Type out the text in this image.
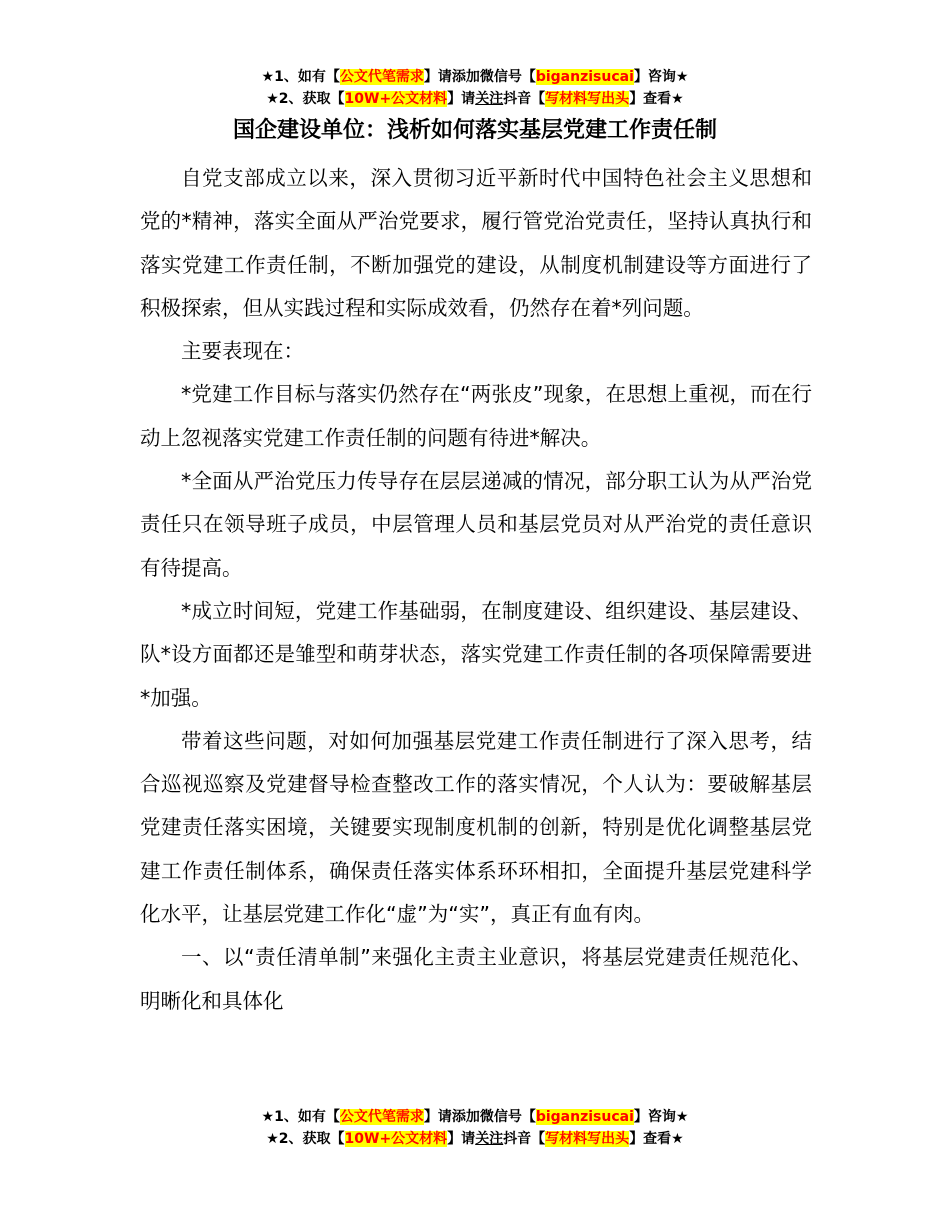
★1、如有【公文代笔需求】请添加微信号【biganzisucai】咨询★
★2、获取【10W+公文材料】请关注抖音【写材料写出头】查看★
国企建设单位：浅析如何落实基层党建工作责任制

自党支部成立以来，深入贯彻习近平新时代中国特色社会主义思想和党的*精神，落实全面从严治党要求，履行管党治党责任，坚持认真执行和落实党建工作责任制，不断加强党的建设，从制度机制建设等方面进行了积极探索，但从实践过程和实际成效看，仍然存在着*列问题。

主要表现在：

*党建工作目标与落实仍然存在“两张皮”现象，在思想上重视，而在行动上忽视落实党建工作责任制的问题有待进*解决。

*全面从严治党压力传导存在层层递减的情况，部分职工认为从严治党责任只在领导班子成员，中层管理人员和基层党员对从严治党的责任意识有待提高。

*成立时间短，党建工作基础弱，在制度建设、组织建设、基层建设、队*设方面都还是雏型和萌芽状态，落实党建工作责任制的各项保障需要进*加强。

带着这些问题，对如何加强基层党建工作责任制进行了深入思考，结合巡视巡察及党建督导检查整改工作的落实情况，个人认为：要破解基层党建责任落实困境，关键要实现制度机制的创新，特别是优化调整基层党建工作责任制体系，确保责任落实体系环环相扣，全面提升基层党建科学化水平，让基层党建工作化“虚”为“实”，真正有血有肉。

一、以“责任清单制”来强化主责主业意识，将基层党建责任规范化、明晰化和具体化

★1、如有【公文代笔需求】请添加微信号【biganzisucai】咨询★
★2、获取【10W+公文材料】请关注抖音【写材料写出头】查看★
